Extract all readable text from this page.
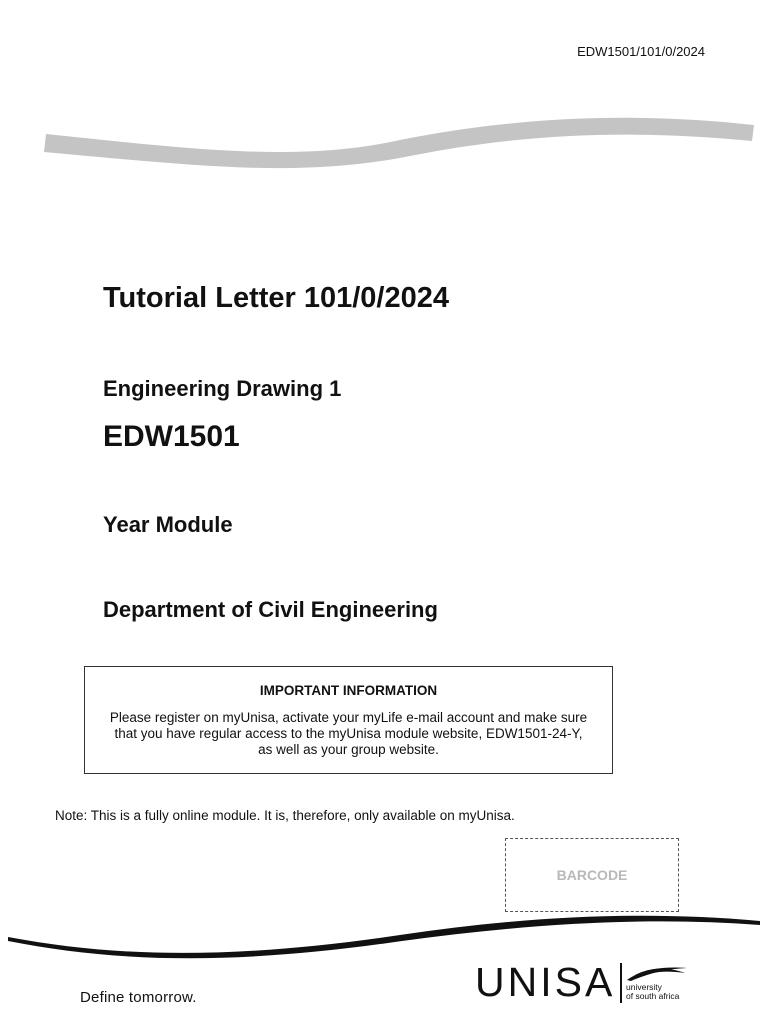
EDW1501/101/0/2024
Tutorial Letter 101/0/2024
Engineering Drawing 1
EDW1501
Year Module
Department of Civil Engineering
IMPORTANT INFORMATION
Please register on myUnisa, activate your myLife e-mail account and make sure that you have regular access to the myUnisa module website, EDW1501-24-Y, as well as your group website.
Note: This is a fully online module. It is, therefore, only available on myUnisa.
BARCODE
Define tomorrow.	UNISA university
of south africa
